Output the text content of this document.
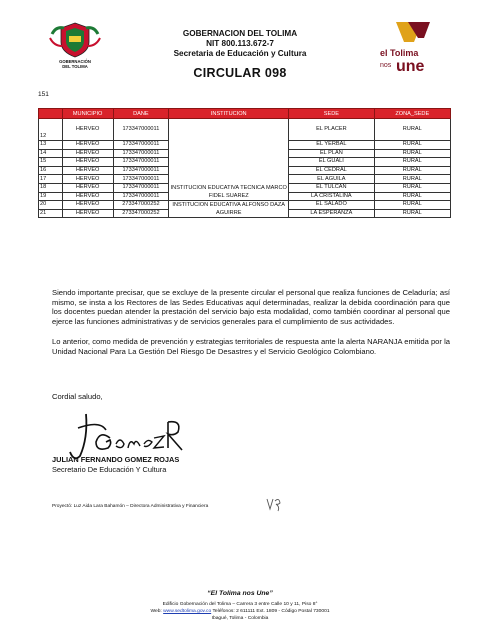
GOBERNACIÓN
DEL TOLIMA
GOBERNACION DEL TOLIMA
NIT 800.113.672-7
Secretaria de Educación y Cultura
CIRCULAR 098
el Tolima
nos une
151
	MUNICIPIO	DANE	INSTITUCION	SEDE	ZONA_SEDE
12	HERVEO	173347000011	INSTITUCION EDUCATIVA TECNICA MARCO FIDEL SUAREZ	EL PLACER	RURAL
13	HERVEO	173347000011		EL YERBAL	RURAL
14	HERVEO	173347000011		EL PLAN	RURAL
15	HERVEO	173347000011		EL GUALI	RURAL
16	HERVEO	173347000011		EL CEDRAL	RURAL
17	HERVEO	173347000011		EL AGUILA	RURAL
18	HERVEO	173347000011		EL TULCAN	RURAL
19	HERVEO	173347000011		LA CRISTALINA	RURAL
20	HERVEO	273347000252	INSTITUCION EDUCATIVA ALFONSO DAZA AGUIRRE	EL SALADO	RURAL
21	HERVEO	273347000252		LA ESPERANZA	RURAL
Siendo importante precisar, que se excluye de la presente circular el personal que realiza funciones de Celaduría; así mismo, se insta a los Rectores de las Sedes Educativas aquí determinadas, realizar la debida coordinación para que los docentes puedan atender la prestación del servicio bajo esta modalidad, como también coordinar al personal que ejerce las funciones administrativas y de servicios generales para el cumplimiento de sus actividades.
Lo anterior, como medida de prevención y estrategias territoriales de respuesta ante la alerta NARANJA emitida por la Unidad Nacional Para La Gestión Del Riesgo De Desastres y el Servicio Geológico Colombiano.
Cordial saludo,
JULIAN FERNANDO GOMEZ ROJAS
Secretario De Educación Y Cultura
Proyectó: Luz Aida Lara Bahamón – Directora Administrativa y Financiera
“El Tolima nos Une”
Edificio Gobernación del Tolima – Carrera 3 entre Calle 10 y 11, Piso 8°
Web: www.sedtolima.gov.co Teléfonos: 2 611111 Ext. 1809 - Código Postal 730001
Ibagué, Tolima - Colombia
